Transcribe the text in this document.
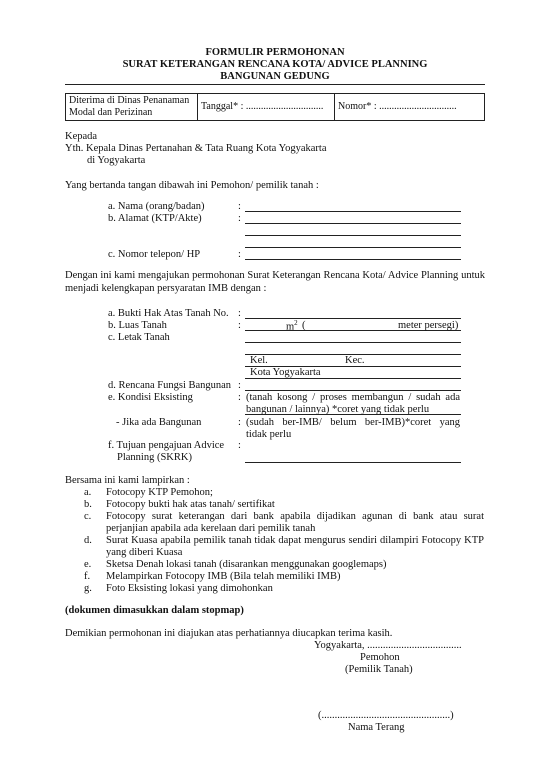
FORMULIR PERMOHONAN
SURAT KETERANGAN RENCANA KOTA/ ADVICE PLANNING
BANGUNAN GEDUNG
Diterima di Dinas Penanaman
Modal dan Perizinan
	Tanggal* : ...............................	Nomor* : ...............................
Kepada
Yth. Kepala Dinas Pertanahan & Tata Ruang Kota Yogyakarta
di Yogyakarta
Yang bertanda tangan dibawah ini Pemohon/ pemilik tanah :
a. Nama (orang/badan)	:
b. Alamat (KTP/Akte)	:
c. Nomor telepon/ HP	:
Dengan ini kami mengajukan permohonan Surat Keterangan Rencana Kota/ Advice Planning untuk menjadi kelengkapan persyaratan IMB dengan :
a. Bukti Hak Atas Tanah No. :
b. Luas Tanah	:	$m^2$ (	meter persegi)
c. Letak Tanah
Kel.	Kec.
Kota Yogyakarta
d. Rencana Fungsi Bangunan :
e. Kondisi Eksisting	: (tanah kosong / proses membangun / sudah ada bangunan / lainnya) *coret yang tidak perlu
- Jika ada Bangunan	: (sudah ber-IMB/ belum ber-IMB)*coret yang tidak perlu
f. Tujuan pengajuan Advice
Planning (SKRK)
:
Bersama ini kami lampirkan :
a. Fotocopy KTP Pemohon;
b. Fotocopy bukti hak atas tanah/ sertifikat
c. Fotocopy surat keterangan dari bank apabila dijadikan agunan di bank atau surat perjanjian apabila ada kerelaan dari pemilik tanah
d. Surat Kuasa apabila pemilik tanah tidak dapat mengurus sendiri dilampiri Fotocopy KTP yang diberi Kuasa
e. Sketsa Denah lokasi tanah (disarankan menggunakan googlemaps)
f. Melampirkan Fotocopy IMB (Bila telah memiliki IMB)
g. Foto Eksisting lokasi yang dimohonkan
(dokumen dimasukkan dalam stopmap)
Demikian permohonan ini diajukan atas perhatiannya diucapkan terima kasih.
Yogyakarta, ....................................
Pemohon
(Pemilik Tanah)
(.................................................)
Nama Terang
